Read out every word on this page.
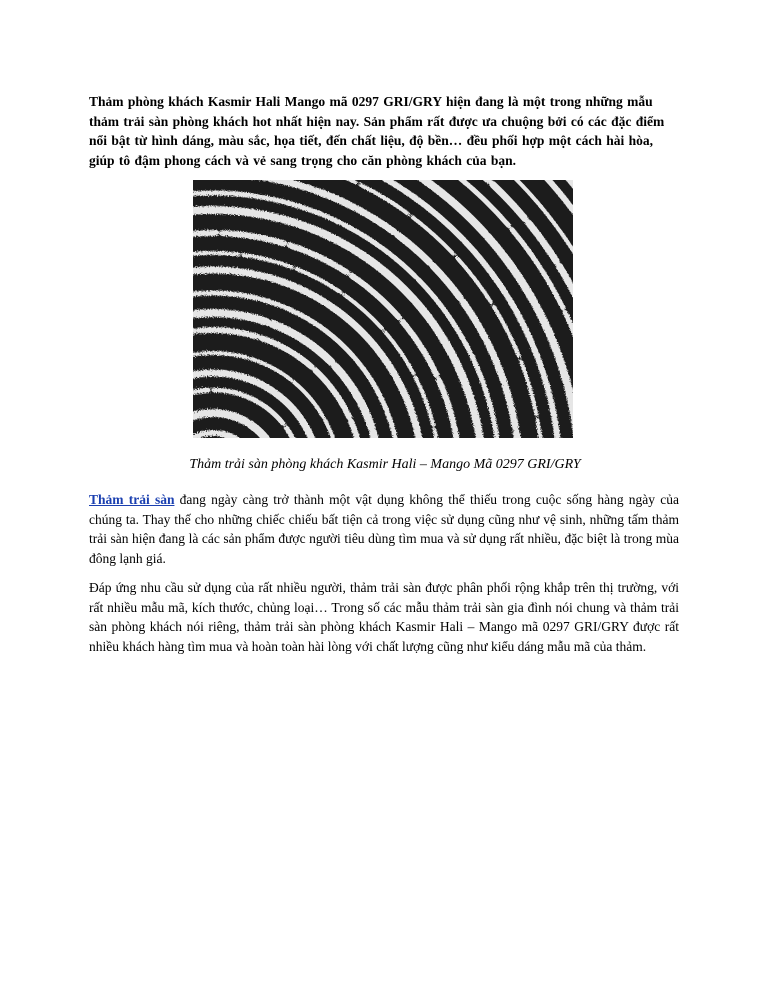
Thảm phòng khách Kasmir Hali Mango mã 0297 GRI/GRY hiện đang là một trong những mẫu thảm trải sàn phòng khách hot nhất hiện nay. Sản phẩm rất được ưa chuộng bởi có các đặc điểm nổi bật từ hình dáng, màu sắc, họa tiết, đến chất liệu, độ bền… đều phối hợp một cách hài hòa, giúp tô đậm phong cách và vẻ sang trọng cho căn phòng khách của bạn.
Thảm trải sàn phòng khách Kasmir Hali – Mango Mã 0297 GRI/GRY
Thảm trải sàn đang ngày càng trở thành một vật dụng không thể thiếu trong cuộc sống hàng ngày của chúng ta. Thay thế cho những chiếc chiếu bất tiện cả trong việc sử dụng cũng như vệ sinh, những tấm thảm trải sàn hiện đang là các sản phẩm được người tiêu dùng tìm mua và sử dụng rất nhiều, đặc biệt là trong mùa đông lạnh giá.
Đáp ứng nhu cầu sử dụng của rất nhiều người, thảm trải sàn được phân phối rộng khắp trên thị trường, với rất nhiều mẫu mã, kích thước, chủng loại… Trong số các mẫu thảm trải sàn gia đình nói chung và thảm trải sàn phòng khách nói riêng, thảm trải sàn phòng khách Kasmir Hali – Mango mã 0297 GRI/GRY được rất nhiều khách hàng tìm mua và hoàn toàn hài lòng với chất lượng cũng như kiểu dáng mẫu mã của thảm.
